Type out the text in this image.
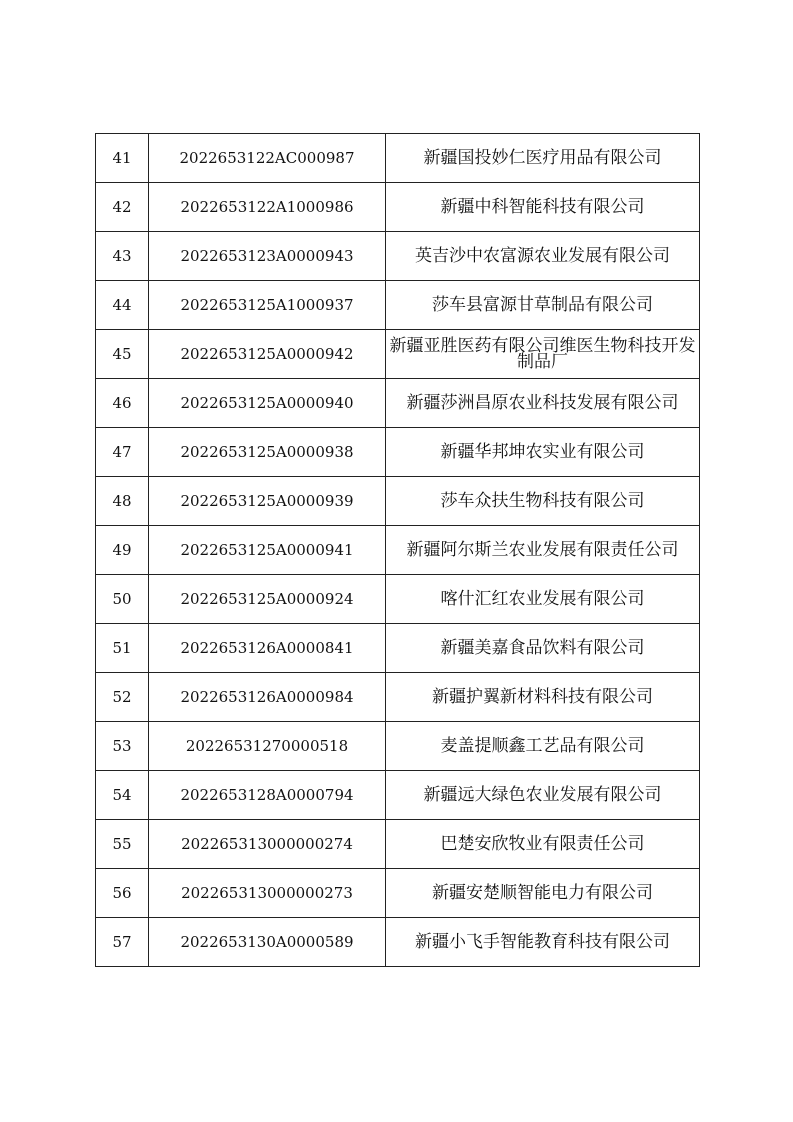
41	2022653122AC000987	新疆国投妙仁医疗用品有限公司
42	2022653122A1000986	新疆中科智能科技有限公司
43	2022653123A0000943	英吉沙中农富源农业发展有限公司
44	2022653125A1000937	莎车县富源甘草制品有限公司
45	2022653125A0000942	新疆亚胜医药有限公司维医生物科技开发制品厂
46	2022653125A0000940	新疆莎洲昌原农业科技发展有限公司
47	2022653125A0000938	新疆华邦坤农实业有限公司
48	2022653125A0000939	莎车众扶生物科技有限公司
49	2022653125A0000941	新疆阿尔斯兰农业发展有限责任公司
50	2022653125A0000924	喀什汇红农业发展有限公司
51	2022653126A0000841	新疆美嘉食品饮料有限公司
52	2022653126A0000984	新疆护翼新材料科技有限公司
53	20226531270000518	麦盖提顺鑫工艺品有限公司
54	2022653128A0000794	新疆远大绿色农业发展有限公司
55	202265313000000274	巴楚安欣牧业有限责任公司
56	202265313000000273	新疆安楚顺智能电力有限公司
57	2022653130A0000589	新疆小飞手智能教育科技有限公司
